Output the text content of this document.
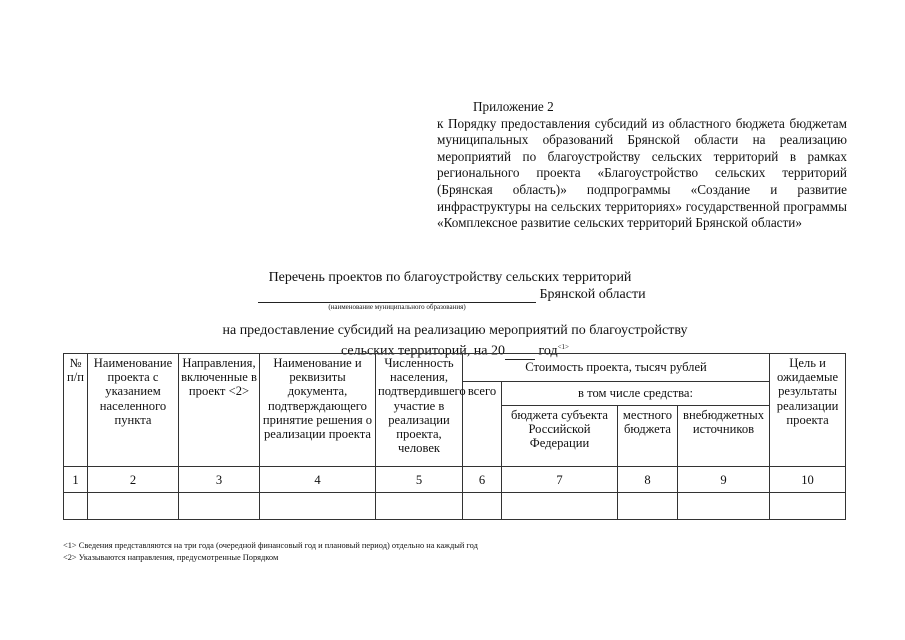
Приложение 2
к Порядку предоставления субсидий из областного бюджета бюджетам муниципальных образований Брянской области на реализацию мероприятий по благоустройству сельских территорий в рамках регионального проекта «Благоустройство сельских территорий (Брянская область)» подпрограммы «Создание и развитие инфраструктуры на сельских территориях» государственной программы «Комплексное развитие сельских территорий Брянской области»
Перечень проектов по благоустройству сельских территорий
Брянской области
(наименование муниципального образования)
на предоставление субсидий на реализацию мероприятий по благоустройству
сельских территорий, на 20 год$^{<1>}$
№ п/п	Наименование проекта с указанием населенного пункта	Направления, включенные в проект <2>	Наименование и реквизиты документа, подтверждающего принятие решения о реализации проекта	Численность населения, подтвердившего участие в реализации проекта, человек	Стоимость проекта, тысяч рублей				Цель и ожидаемые результаты реализации проекта
					всего	в том числе средства:			
						бюджета субъекта Российской Федерации	местного бюджета	внебюджетных источников	
1	2	3	4	5	6	7	8	9	10

<1> Сведения представляются на три года (очередной финансовый год и плановый период) отдельно на каждый год
<2> Указываются направления, предусмотренные Порядком
